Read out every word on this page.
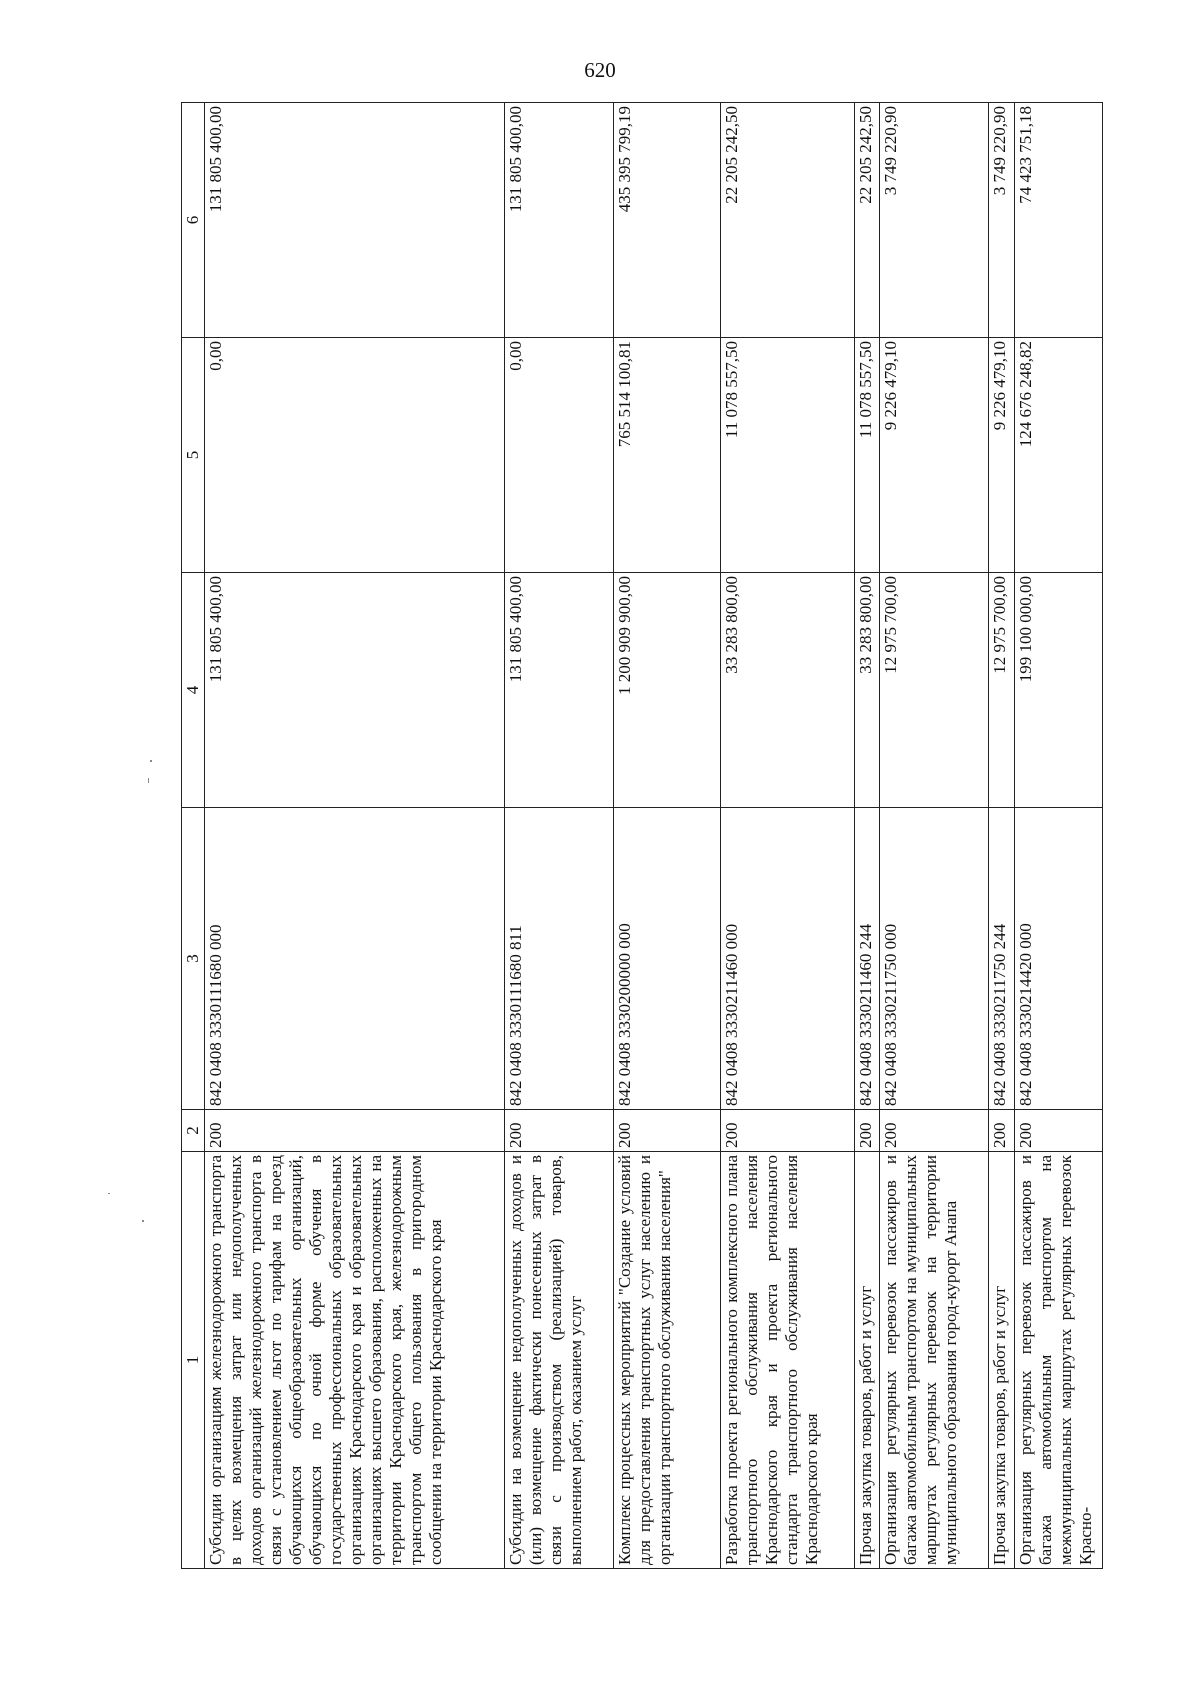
620
1	2	3	4	5	6
Субсидии организациям железнодорожного транспорта в целях возмещения затрат или недополученных доходов организаций железнодорожного транспорта в связи с установлением льгот по тарифам на проезд обучающихся общеобразовательных организаций, обучающихся по очной форме обучения в государственных профессиональных образовательных организациях Краснодарского края и образовательных организациях высшего образования, расположенных на территории Краснодарского края, железнодорожным транспортом общего пользования в пригородном сообщении на территории Краснодарского края	200	842 0408 3330111680 000	131 805 400,00	0,00	131 805 400,00
Субсидии на возмещение недополученных доходов и (или) возмещение фактически понесенных затрат в связи с производством (реализацией) товаров, выполнением работ, оказанием услуг	200	842 0408 3330111680 811	131 805 400,00	0,00	131 805 400,00
Комплекс процессных мероприятий "Создание условий для предоставления транспортных услуг населению и организации транспортного обслуживания населения"	200	842 0408 3330200000 000	1 200 909 900,00	765 514 100,81	435 395 799,19
Разработка проекта регионального комплексного плана транспортного обслуживания населения Краснодарского края и проекта регионального стандарта транспортного обслуживания населения Краснодарского края	200	842 0408 3330211460 000	33 283 800,00	11 078 557,50	22 205 242,50
Прочая закупка товаров, работ и услуг	200	842 0408 3330211460 244	33 283 800,00	11 078 557,50	22 205 242,50
Организация регулярных перевозок пассажиров и багажа автомобильным транспортом на муниципальных маршрутах регулярных перевозок на территории муниципального образования город-курорт Анапа	200	842 0408 3330211750 000	12 975 700,00	9 226 479,10	3 749 220,90
Прочая закупка товаров, работ и услуг	200	842 0408 3330211750 244	12 975 700,00	9 226 479,10	3 749 220,90
Организация регулярных перевозок пассажиров и багажа автомобильным транспортом на межмуниципальных маршрутах регулярных перевозок Красно-	200	842 0408 3330214420 000	199 100 000,00	124 676 248,82	74 423 751,18
